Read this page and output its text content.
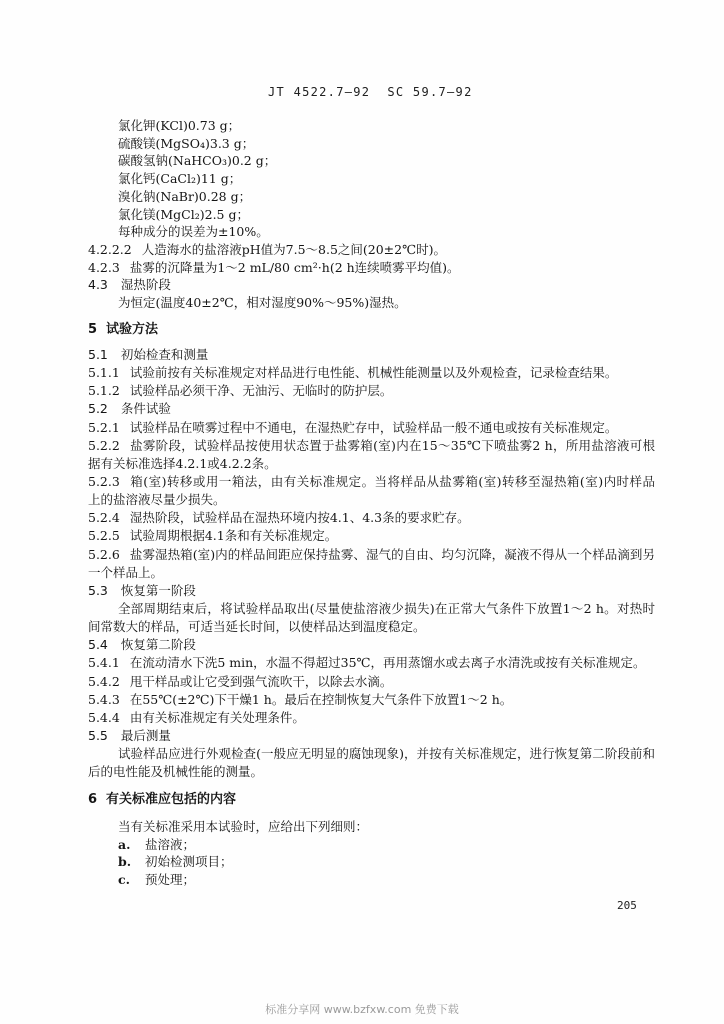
JT 4522.7—92  SC 59.7—92
氯化钾(KCl)0.73 g；
硫酸镁(MgSO₄)3.3 g；
碳酸氢钠(NaHCO₃)0.2 g；
氯化钙(CaCl₂)11 g；
溴化钠(NaBr)0.28 g；
氯化镁(MgCl₂)2.5 g；
每种成分的误差为±10%。
4.2.2.2 人造海水的盐溶液pH值为7.5～8.5之间(20±2℃时)。
4.2.3 盐雾的沉降量为1～2 mL/80 cm²·h(2 h连续喷雾平均值)。
4.3 湿热阶段
为恒定(温度40±2℃，相对湿度90%～95%)湿热。
5 试验方法
5.1 初始检查和测量
5.1.1 试验前按有关标准规定对样品进行电性能、机械性能测量以及外观检查，记录检查结果。
5.1.2 试验样品必须干净、无油污、无临时的防护层。
5.2 条件试验
5.2.1 试验样品在喷雾过程中不通电，在湿热贮存中，试验样品一般不通电或按有关标准规定。
5.2.2 盐雾阶段，试验样品按使用状态置于盐雾箱(室)内在15～35℃下喷盐雾2 h，所用盐溶液可根
据有关标准选择4.2.1或4.2.2条。
5.2.3 箱(室)转移或用一箱法，由有关标准规定。当将样品从盐雾箱(室)转移至湿热箱(室)内时样品
上的盐溶液尽量少损失。
5.2.4 湿热阶段，试验样品在湿热环境内按4.1、4.3条的要求贮存。
5.2.5 试验周期根据4.1条和有关标准规定。
5.2.6 盐雾湿热箱(室)内的样品间距应保持盐雾、湿气的自由、均匀沉降，凝液不得从一个样品滴到另
一个样品上。
5.3 恢复第一阶段
全部周期结束后，将试验样品取出(尽量使盐溶液少损失)在正常大气条件下放置1～2 h。对热时
间常数大的样品，可适当延长时间，以使样品达到温度稳定。
5.4 恢复第二阶段
5.4.1 在流动清水下洗5 min，水温不得超过35℃，再用蒸馏水或去离子水清洗或按有关标准规定。
5.4.2 甩干样品或让它受到强气流吹干，以除去水滴。
5.4.3 在55℃(±2℃)下干燥1 h。最后在控制恢复大气条件下放置1～2 h。
5.4.4 由有关标准规定有关处理条件。
5.5 最后测量
试验样品应进行外观检查(一般应无明显的腐蚀现象)，并按有关标准规定，进行恢复第二阶段前和
后的电性能及机械性能的测量。
6 有关标准应包括的内容
当有关标准采用本试验时，应给出下列细则：
a. 盐溶液；
b. 初始检测项目；
c. 预处理；
205
标准分享网 www.bzfxw.com 免费下载
